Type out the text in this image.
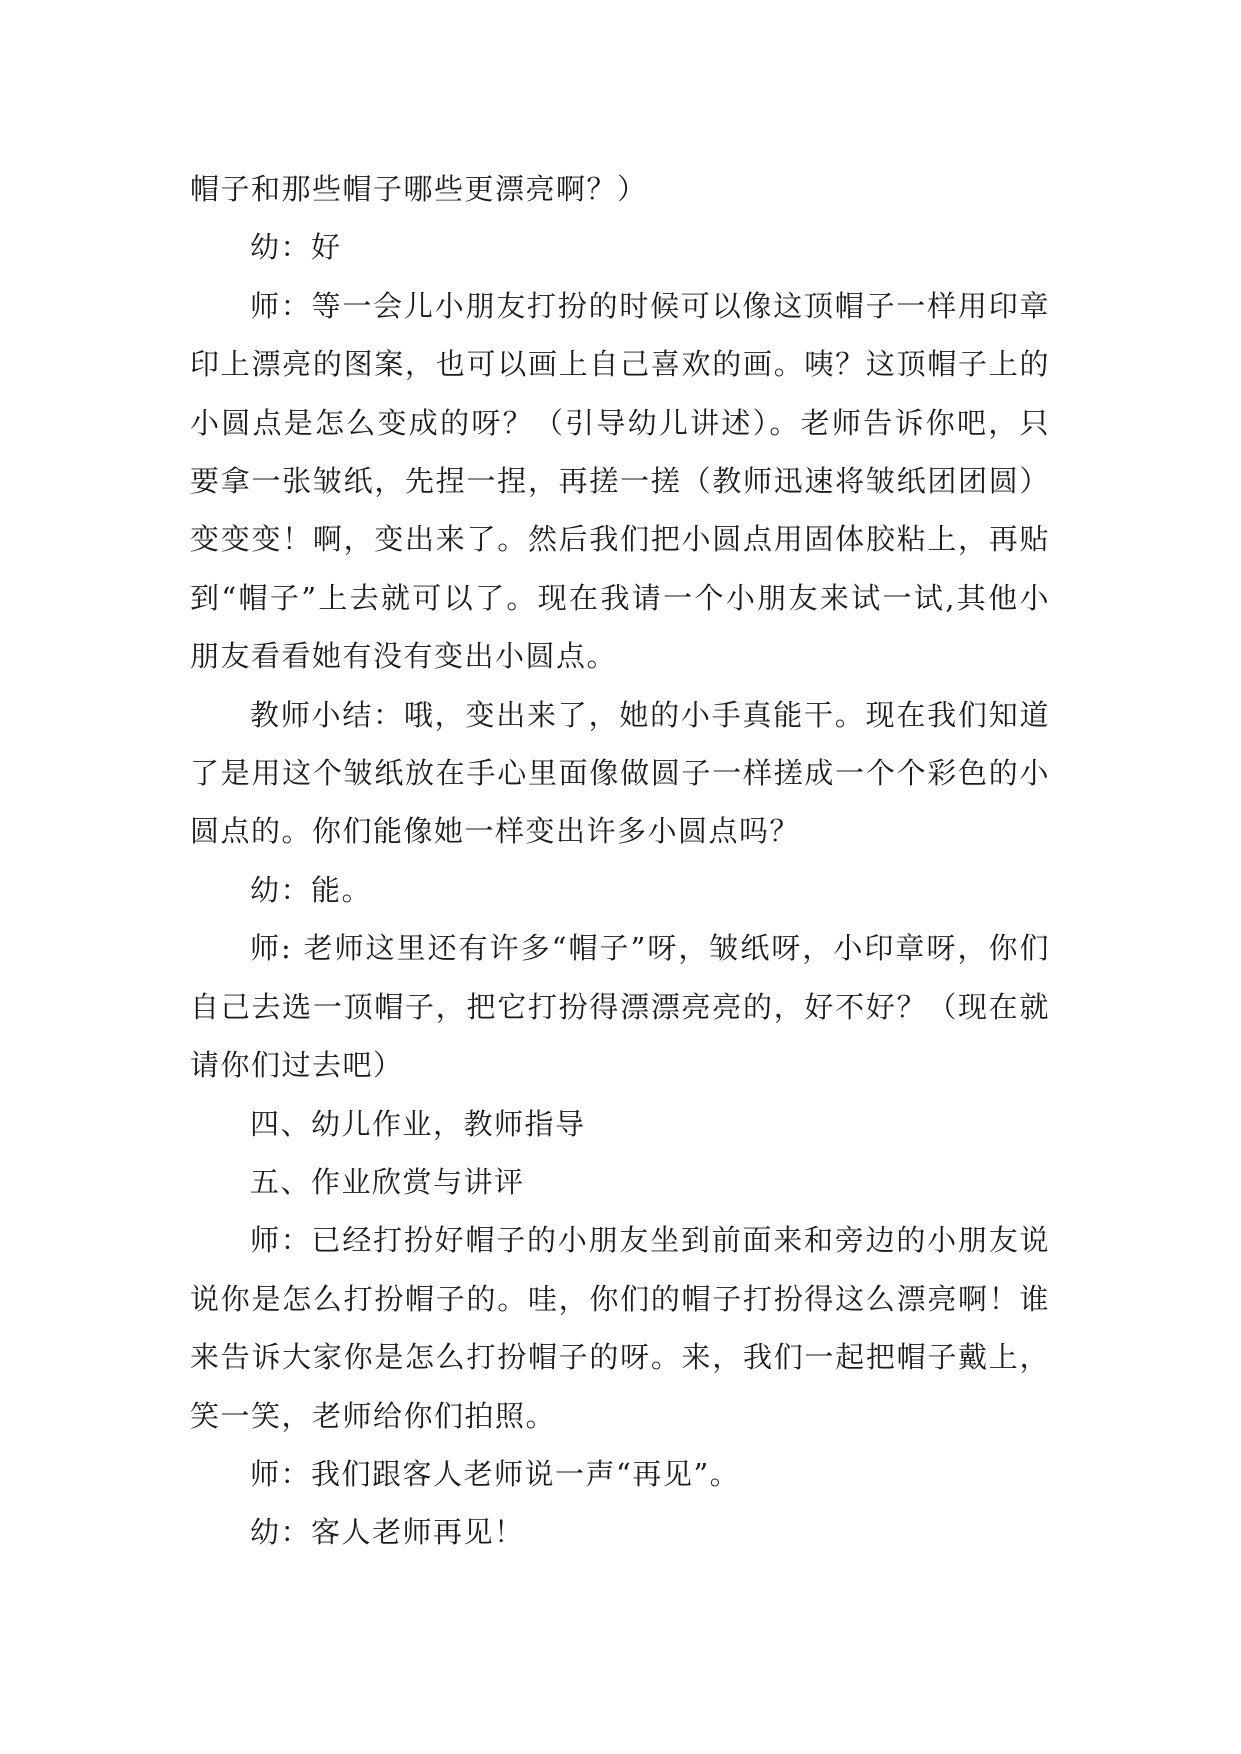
帽子和那些帽子哪些更漂亮啊？）

幼：好

师：等一会儿小朋友打扮的时候可以像这顶帽子一样用印章印上漂亮的图案，也可以画上自己喜欢的画。咦？这顶帽子上的小圆点是怎么变成的呀？（引导幼儿讲述）。老师告诉你吧，只要拿一张皱纸，先捏一捏，再搓一搓（教师迅速将皱纸团团圆）变变变！啊，变出来了。然后我们把小圆点用固体胶粘上，再贴到“帽子”上去就可以了。现在我请一个小朋友来试一试,其他小朋友看看她有没有变出小圆点。

教师小结：哦，变出来了，她的小手真能干。现在我们知道了是用这个皱纸放在手心里面像做圆子一样搓成一个个彩色的小圆点的。你们能像她一样变出许多小圆点吗？

幼：能。

师: 老师这里还有许多“帽子”呀，皱纸呀，小印章呀，你们自己去选一顶帽子，把它打扮得漂漂亮亮的，好不好？（现在就请你们过去吧）

四、幼儿作业，教师指导

五、作业欣赏与讲评

师：已经打扮好帽子的小朋友坐到前面来和旁边的小朋友说说你是怎么打扮帽子的。哇，你们的帽子打扮得这么漂亮啊！谁来告诉大家你是怎么打扮帽子的呀。来，我们一起把帽子戴上，笑一笑，老师给你们拍照。

师：我们跟客人老师说一声“再见”。

幼：客人老师再见！
